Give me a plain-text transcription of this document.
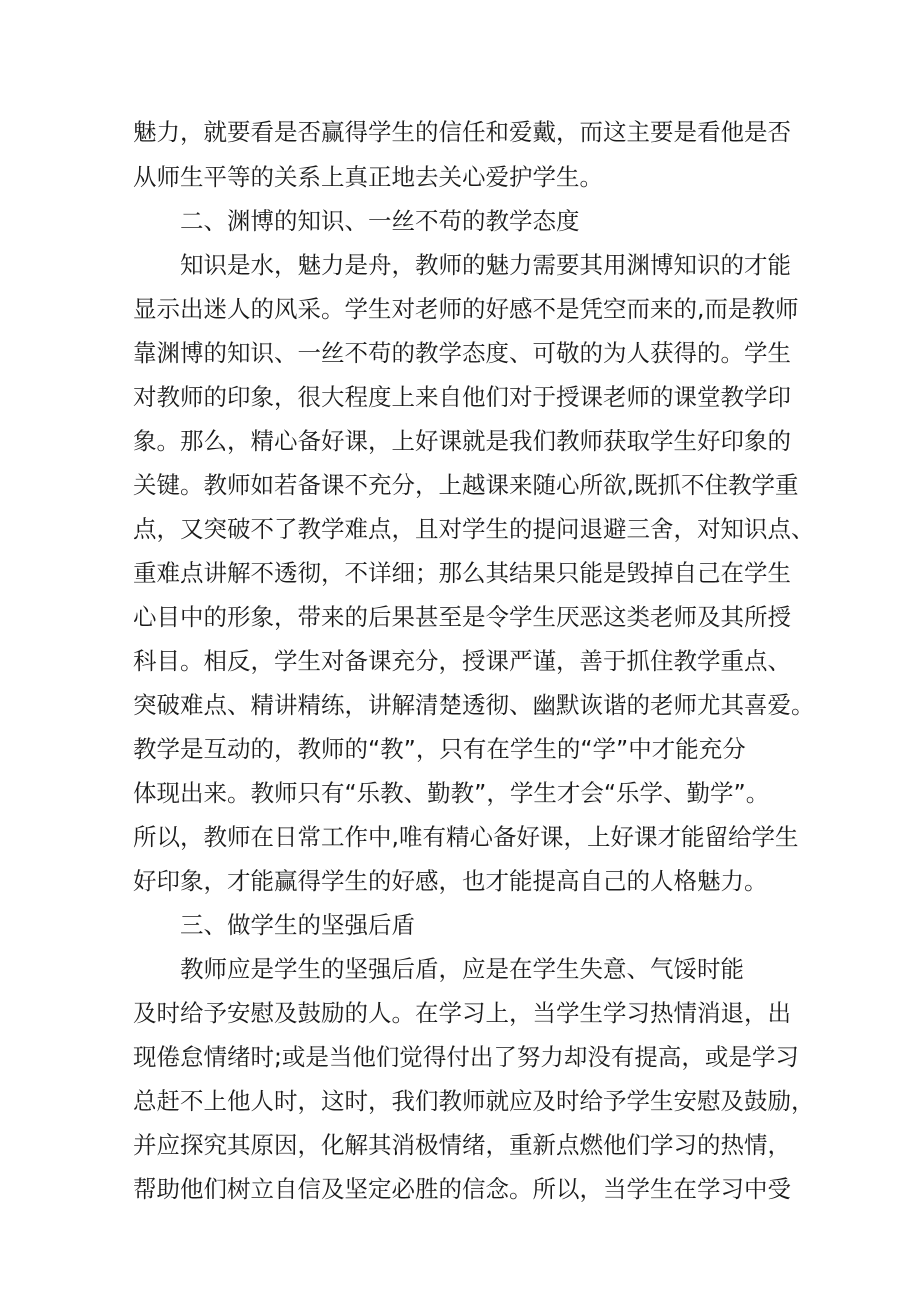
魅力，就要看是否赢得学生的信任和爱戴，而这主要是看他是否

从师生平等的关系上真正地去关心爱护学生。

二、渊博的知识、一丝不苟的教学态度

知识是水，魅力是舟，教师的魅力需要其用渊博知识的才能

显示出迷人的风采。学生对老师的好感不是凭空而来的,而是教师

靠渊博的知识、一丝不苟的教学态度、可敬的为人获得的。学生

对教师的印象，很大程度上来自他们对于授课老师的课堂教学印

象。那么，精心备好课，上好课就是我们教师获取学生好印象的

关键。教师如若备课不充分，上越课来随心所欲,既抓不住教学重

点，又突破不了教学难点，且对学生的提问退避三舍，对知识点、

重难点讲解不透彻，不详细；那么其结果只能是毁掉自己在学生

心目中的形象，带来的后果甚至是令学生厌恶这类老师及其所授

科目。相反，学生对备课充分，授课严谨，善于抓住教学重点、

突破难点、精讲精练，讲解清楚透彻、幽默诙谐的老师尤其喜爱。

教学是互动的，教师的“教”，只有在学生的“学”中才能充分

体现出来。教师只有“乐教、勤教”，学生才会“乐学、勤学”。

所以，教师在日常工作中,唯有精心备好课，上好课才能留给学生

好印象，才能赢得学生的好感，也才能提高自己的人格魅力。

三、做学生的坚强后盾

教师应是学生的坚强后盾，应是在学生失意、气馁时能

及时给予安慰及鼓励的人。在学习上，当学生学习热情消退，出

现倦怠情绪时;或是当他们觉得付出了努力却没有提高，或是学习

总赶不上他人时，这时，我们教师就应及时给予学生安慰及鼓励，

并应探究其原因，化解其消极情绪，重新点燃他们学习的热情，

帮助他们树立自信及坚定必胜的信念。所以，当学生在学习中受
